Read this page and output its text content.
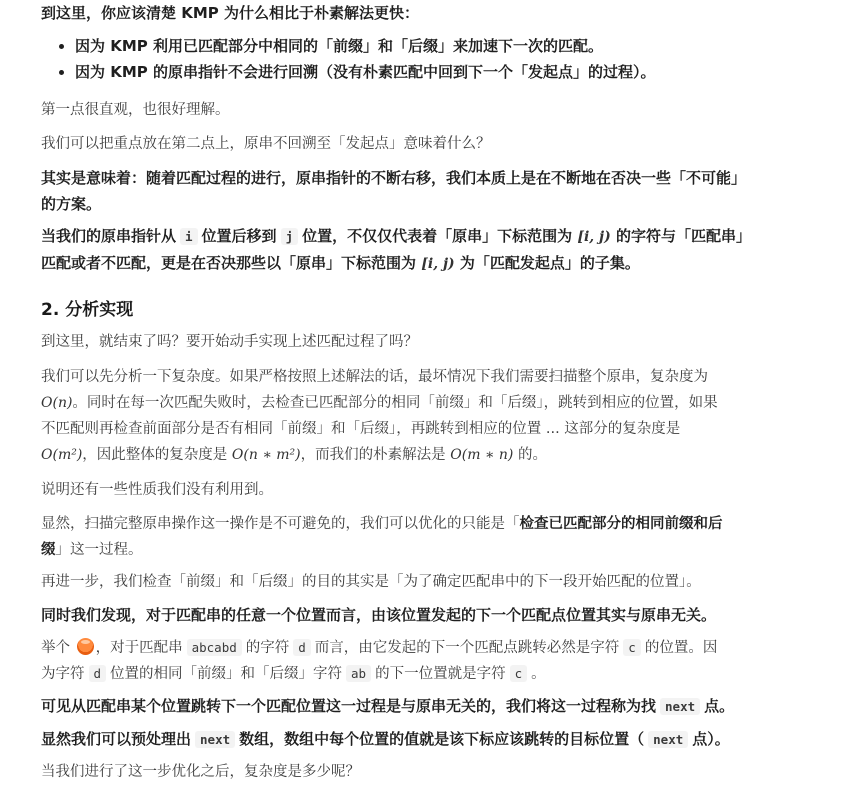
到这里，你应该清楚 KMP 为什么相比于朴素解法更快：

• 因为 KMP 利用已匹配部分中相同的「前缀」和「后缀」来加速下一次的匹配。
• 因为 KMP 的原串指针不会进行回溯（没有朴素匹配中回到下一个「发起点」的过程）。

第一点很直观，也很好理解。

我们可以把重点放在第二点上，原串不回溯至「发起点」意味着什么？

其实是意味着：随着匹配过程的进行，原串指针的不断右移，我们本质上是在不断地在否决一些「不可能」

的方案。

当我们的原串指针从 i 位置后移到 j 位置，不仅仅代表着「原串」下标范围为 [i, j) 的字符与「匹配串」

匹配或者不匹配，更是在否决那些以「原串」下标范围为 [i, j) 为「匹配发起点」的子集。

2. 分析实现

到这里，就结束了吗？要开始动手实现上述匹配过程了吗？

我们可以先分析一下复杂度。如果严格按照上述解法的话，最坏情况下我们需要扫描整个原串，复杂度为

O(n)。同时在每一次匹配失败时，去检查已匹配部分的相同「前缀」和「后缀」，跳转到相应的位置，如果

不匹配则再检查前面部分是否有相同「前缀」和「后缀」，再跳转到相应的位置 ... 这部分的复杂度是

O(m²)，因此整体的复杂度是 O(n ∗ m²)，而我们的朴素解法是 O(m ∗ n) 的。

说明还有一些性质我们没有利用到。

显然，扫描完整原串操作这一操作是不可避免的，我们可以优化的只能是「检查已匹配部分的相同前缀和后

缀」这一过程。

再进一步，我们检查「前缀」和「后缀」的目的其实是「为了确定匹配串中的下一段开始匹配的位置」。

同时我们发现，对于匹配串的任意一个位置而言，由该位置发起的下一个匹配点位置其实与原串无关。

举个 ，对于匹配串 abcabd 的字符 d 而言，由它发起的下一个匹配点跳转必然是字符 c 的位置。因

为字符 d 位置的相同「前缀」和「后缀」字符 ab 的下一位置就是字符 c 。

可见从匹配串某个位置跳转下一个匹配位置这一过程是与原串无关的，我们将这一过程称为找 next 点。

显然我们可以预处理出 next 数组，数组中每个位置的值就是该下标应该跳转的目标位置（ next 点）。

当我们进行了这一步优化之后，复杂度是多少呢？
